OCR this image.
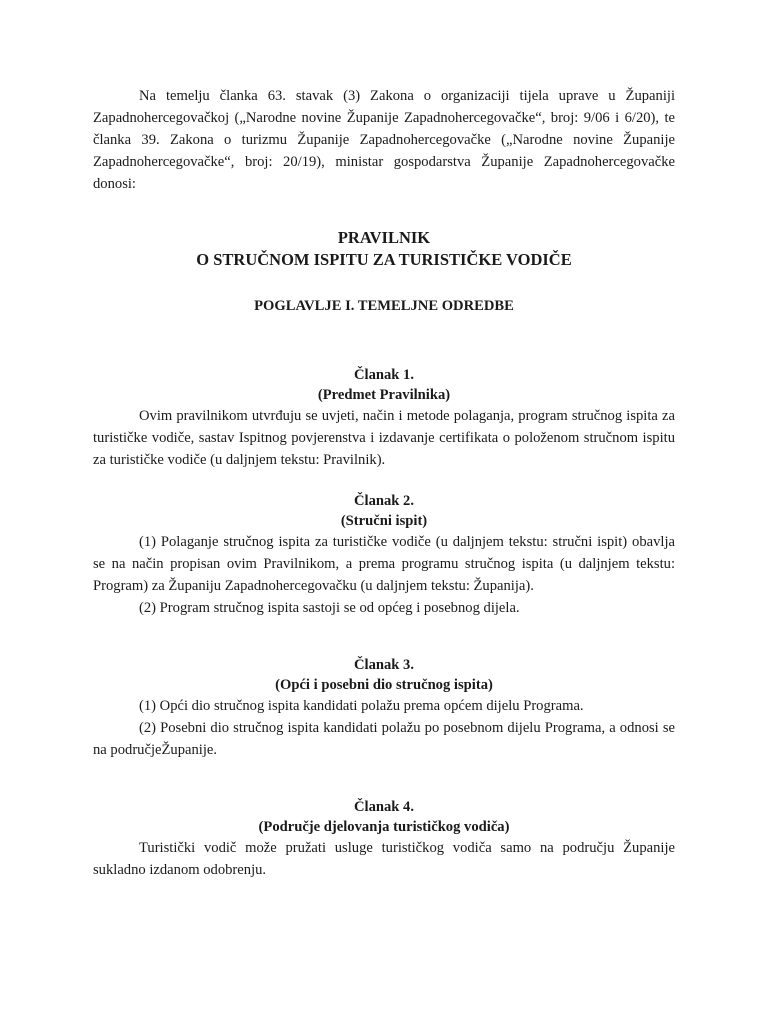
Na temelju članka 63. stavak (3) Zakona o organizaciji tijela uprave u Županiji Zapadnohercegovačkoj („Narodne novine Županije Zapadnohercegovačke“, broj: 9/06 i 6/20), te članka 39. Zakona o turizmu Županije Zapadnohercegovačke („Narodne novine Županije Zapadnohercegovačke“, broj: 20/19), ministar gospodarstva Županije Zapadnohercegovačke donosi:

PRAVILNIK
O STRUČNOM ISPITU ZA TURISTIČKE VODIČE
POGLAVLJE I. TEMELJNE ODREDBE
Članak 1.
(Predmet Pravilnika)

Ovim pravilnikom utvrđuju se uvjeti, način i metode polaganja, program stručnog ispita za turističke vodiče, sastav Ispitnog povjerenstva i izdavanje certifikata o položenom stručnom ispitu za turističke vodiče (u daljnjem tekstu: Pravilnik).

Članak 2.
(Stručni ispit)

(1) Polaganje stručnog ispita za turističke vodiče (u daljnjem tekstu: stručni ispit) obavlja se na način propisan ovim Pravilnikom, a prema programu stručnog ispita (u daljnjem tekstu: Program) za Županiju Zapadnohercegovačku (u daljnjem tekstu: Županija).

(2) Program stručnog ispita sastoji se od općeg i posebnog dijela.

Članak 3.
(Opći i posebni dio stručnog ispita)

(1) Opći dio stručnog ispita kandidati polažu prema općem dijelu Programa.

(2) Posebni dio stručnog ispita kandidati polažu po posebnom dijelu Programa, a odnosi se na područjeŽupanije.

Članak 4.
(Područje djelovanja turističkog vodiča)

Turistički vodič može pružati usluge turističkog vodiča samo na području Županije sukladno izdanom odobrenju.
